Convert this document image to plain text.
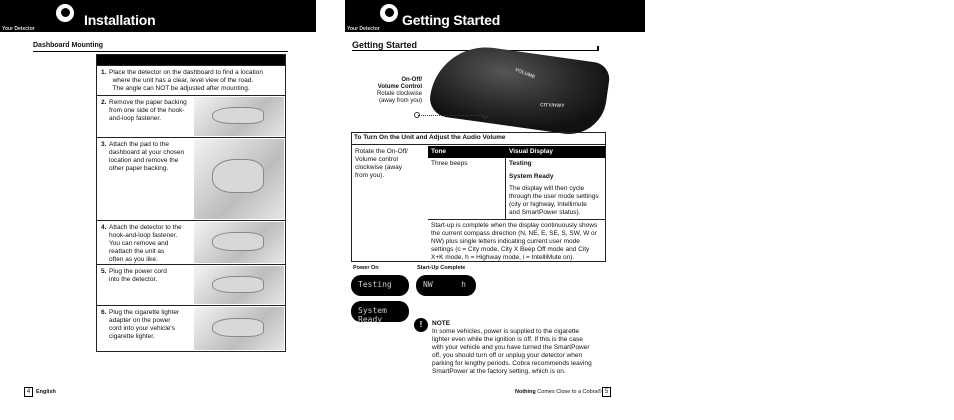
Your Detector
Installation
Dashboard Mounting
1. Place the detector on the dashboard to find a location
where the unit has a clear, level view of the road.
The angle can NOT be adjusted after mounting.
2. Remove the paper backing
from one side of the hook-
and-loop fastener.
3. Attach the pad to the
dashboard at your chosen
location and remove the
other paper backing.
4. Attach the detector to the
hook-and-loop fastener.
You can remove and
reattach the unit as
often as you like.
5. Plug the power cord
into the detector.
6. Plug the cigarette lighter
adapter on the power
cord into your vehicle's
cigarette lighter.
4	English
Your Detector
Getting Started
Getting Started
VOLUME
CITY/HWY
On-Off/
Volume Control
Rotate clockwise
(away from you)
To Turn On the Unit and Adjust the Audio Volume
Rotate the On-Off/
Volume control
clockwise (away
from you).
Tone	Visual Display
Three beeps	Testing
System Ready
The display will then cycle
through the user mode settings
(city or highway, Intellimute
and SmartPower status).
Start-up is complete when the display continuously shows the current compass direction (N, NE, E, SE, S, SW, W or NW) plus single letters indicating current user mode settings (c = City mode, City X Beep Off mode and City X+K mode, h = Highway mode, i = IntelliMute on).
Power On	Start-Up Complete
Testing
System Ready
NW	h
!	NOTE
In some vehicles, power is supplied to the cigarette
lighter even while the ignition is off. If this is the case
with your vehicle and you have turned the SmartPower
off, you should turn off or unplug your detector when
parking for lengthy periods. Cobra recommends leaving
SmartPower at the factory setting, which is on.
Nothing Comes Close to a Cobra® 5
